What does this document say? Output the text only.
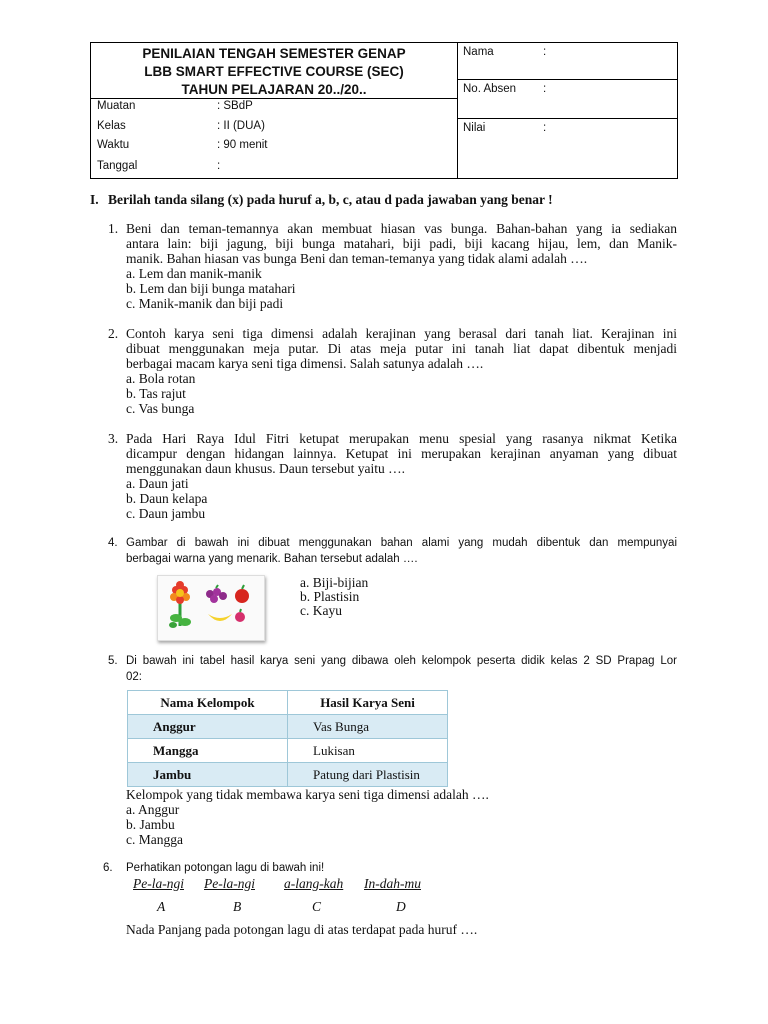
PENILAIAN TENGAH SEMESTER GENAP
LBB SMART EFFECTIVE COURSE (SEC)
TAHUN PELAJARAN 20../20..
Muatan	: SBdP
Kelas	: II (DUA)
Waktu	: 90 menit
Tanggal	:
Nama	:
No. Absen :
Nilai	:
I. Berilah tanda silang (x) pada huruf a, b, c, atau d pada jawaban yang benar !
1. Beni dan teman-temannya akan membuat hiasan vas bunga. Bahan-bahan yang ia sediakan
antara lain: biji jagung, biji bunga matahari, biji padi, biji kacang hijau, lem, dan Manik-
manik. Bahan hiasan vas bunga Beni dan teman-temanya yang tidak alami adalah ….
a. Lem dan manik-manik
b. Lem dan biji bunga matahari
c. Manik-manik dan biji padi
2. Contoh karya seni tiga dimensi adalah kerajinan yang berasal dari tanah liat. Kerajinan ini
dibuat menggunakan meja putar. Di atas meja putar ini tanah liat dapat dibentuk menjadi
berbagai macam karya seni tiga dimensi. Salah satunya adalah ….
a. Bola rotan
b. Tas rajut
c. Vas bunga
3. Pada Hari Raya Idul Fitri ketupat merupakan menu spesial yang rasanya nikmat Ketika
dicampur dengan hidangan lainnya. Ketupat ini merupakan kerajinan anyaman yang dibuat
menggunakan daun khusus. Daun tersebut yaitu ….
a. Daun jati
b. Daun kelapa
c. Daun jambu
4. Gambar di bawah ini dibuat menggunakan bahan alami yang mudah dibentuk dan mempunyai
berbagai warna yang menarik. Bahan tersebut adalah ….
a. Biji-bijian
b. Plastisin
c. Kayu
5. Di bawah ini tabel hasil karya seni yang dibawa oleh kelompok peserta didik kelas 2 SD Prapag Lor
02:
Nama Kelompok	Hasil Karya Seni
Anggur	Vas Bunga
Mangga	Lukisan
Jambu	Patung dari Plastisin
Kelompok yang tidak membawa karya seni tiga dimensi adalah ….
a. Anggur
b. Jambu
c. Mangga
6. Perhatikan potongan lagu di bawah ini!
Pe-la-ngi Pe-la-ngi a-lang-kah In-dah-mu
A	B	C	D
Nada Panjang pada potongan lagu di atas terdapat pada huruf ….
